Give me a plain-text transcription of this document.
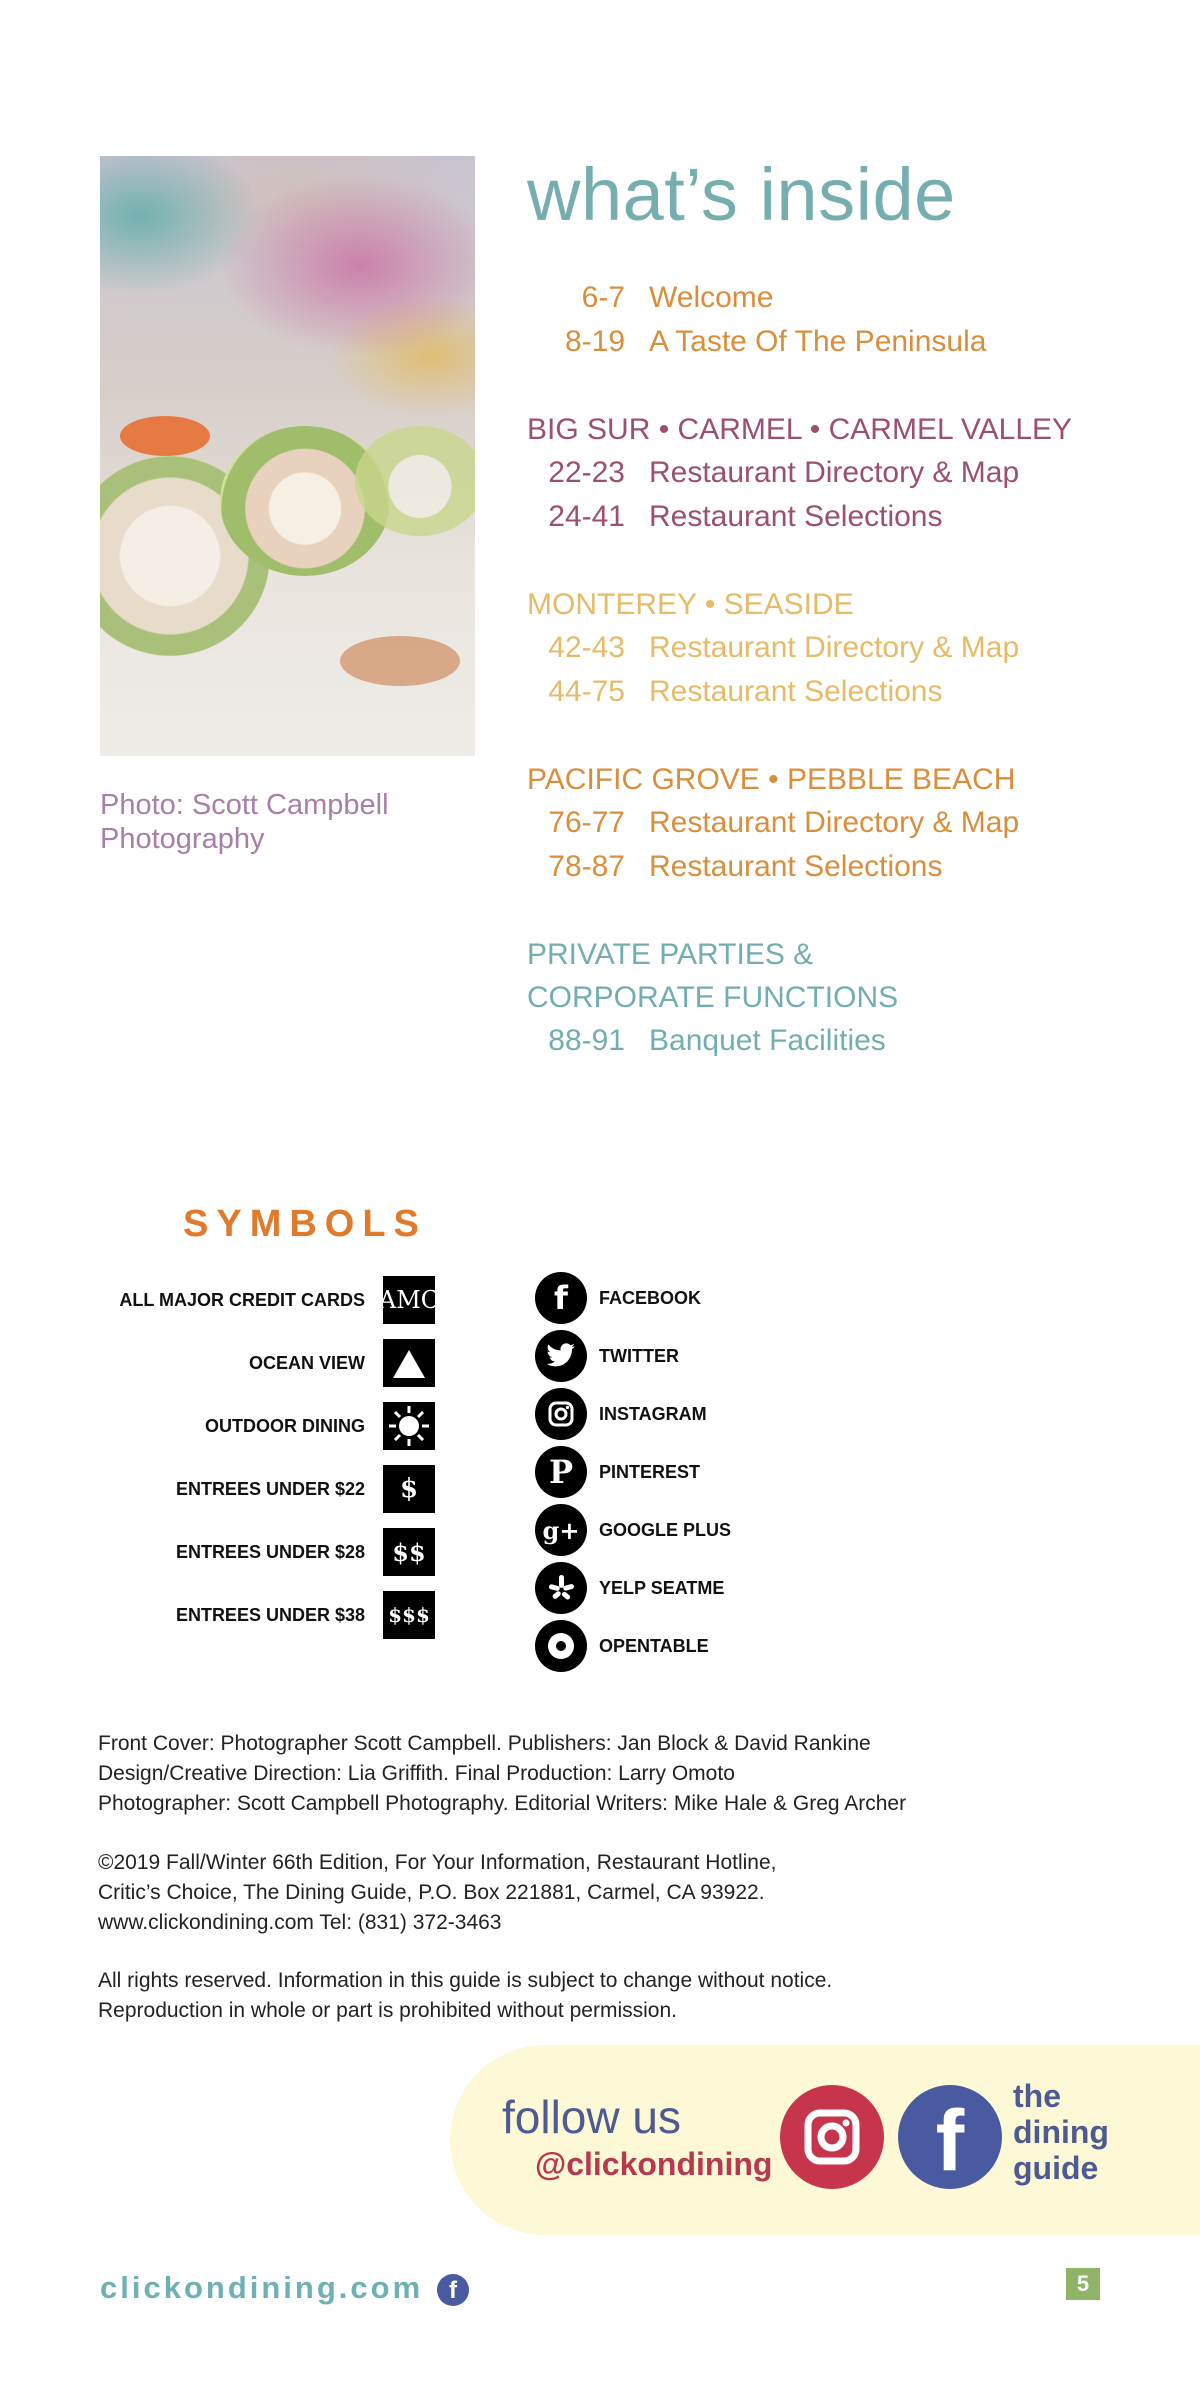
Photo: Scott Campbell Photography
what’s inside
6-7 Welcome
8-19 A Taste Of The Peninsula
BIG SUR • CARMEL • CARMEL VALLEY
22-23 Restaurant Directory & Map
24-41 Restaurant Selections
MONTEREY • SEASIDE
42-43 Restaurant Directory & Map
44-75 Restaurant Selections
PACIFIC GROVE • PEBBLE BEACH
76-77 Restaurant Directory & Map
78-87 Restaurant Selections
PRIVATE PARTIES &
CORPORATE FUNCTIONS
88-91 Banquet Facilities
SYMBOLS
ALL MAJOR CREDIT CARDS AMC
OCEAN VIEW
OUTDOOR DINING
ENTREES UNDER $22	$
ENTREES UNDER $28	$$
ENTREES UNDER $38 $$$
f	FACEBOOK
TWITTER
INSTAGRAM
P	PINTEREST
g+	GOOGLE PLUS
YELP SEATME
OPENTABLE
Front Cover: Photographer Scott Campbell. Publishers: Jan Block & David Rankine
Design/Creative Direction: Lia Griffith. Final Production: Larry Omoto
Photographer: Scott Campbell Photography. Editorial Writers: Mike Hale & Greg Archer
©2019 Fall/Winter 66th Edition, For Your Information, Restaurant Hotline,
Critic’s Choice, The Dining Guide, P.O. Box 221881, Carmel, CA 93922.
www.clickondining.com Tel: (831) 372-3463
All rights reserved. Information in this guide is subject to change without notice.
Reproduction in whole or part is prohibited without permission.
follow us
@clickondining	f	the
dining
guide
clickondining.com	f	5
